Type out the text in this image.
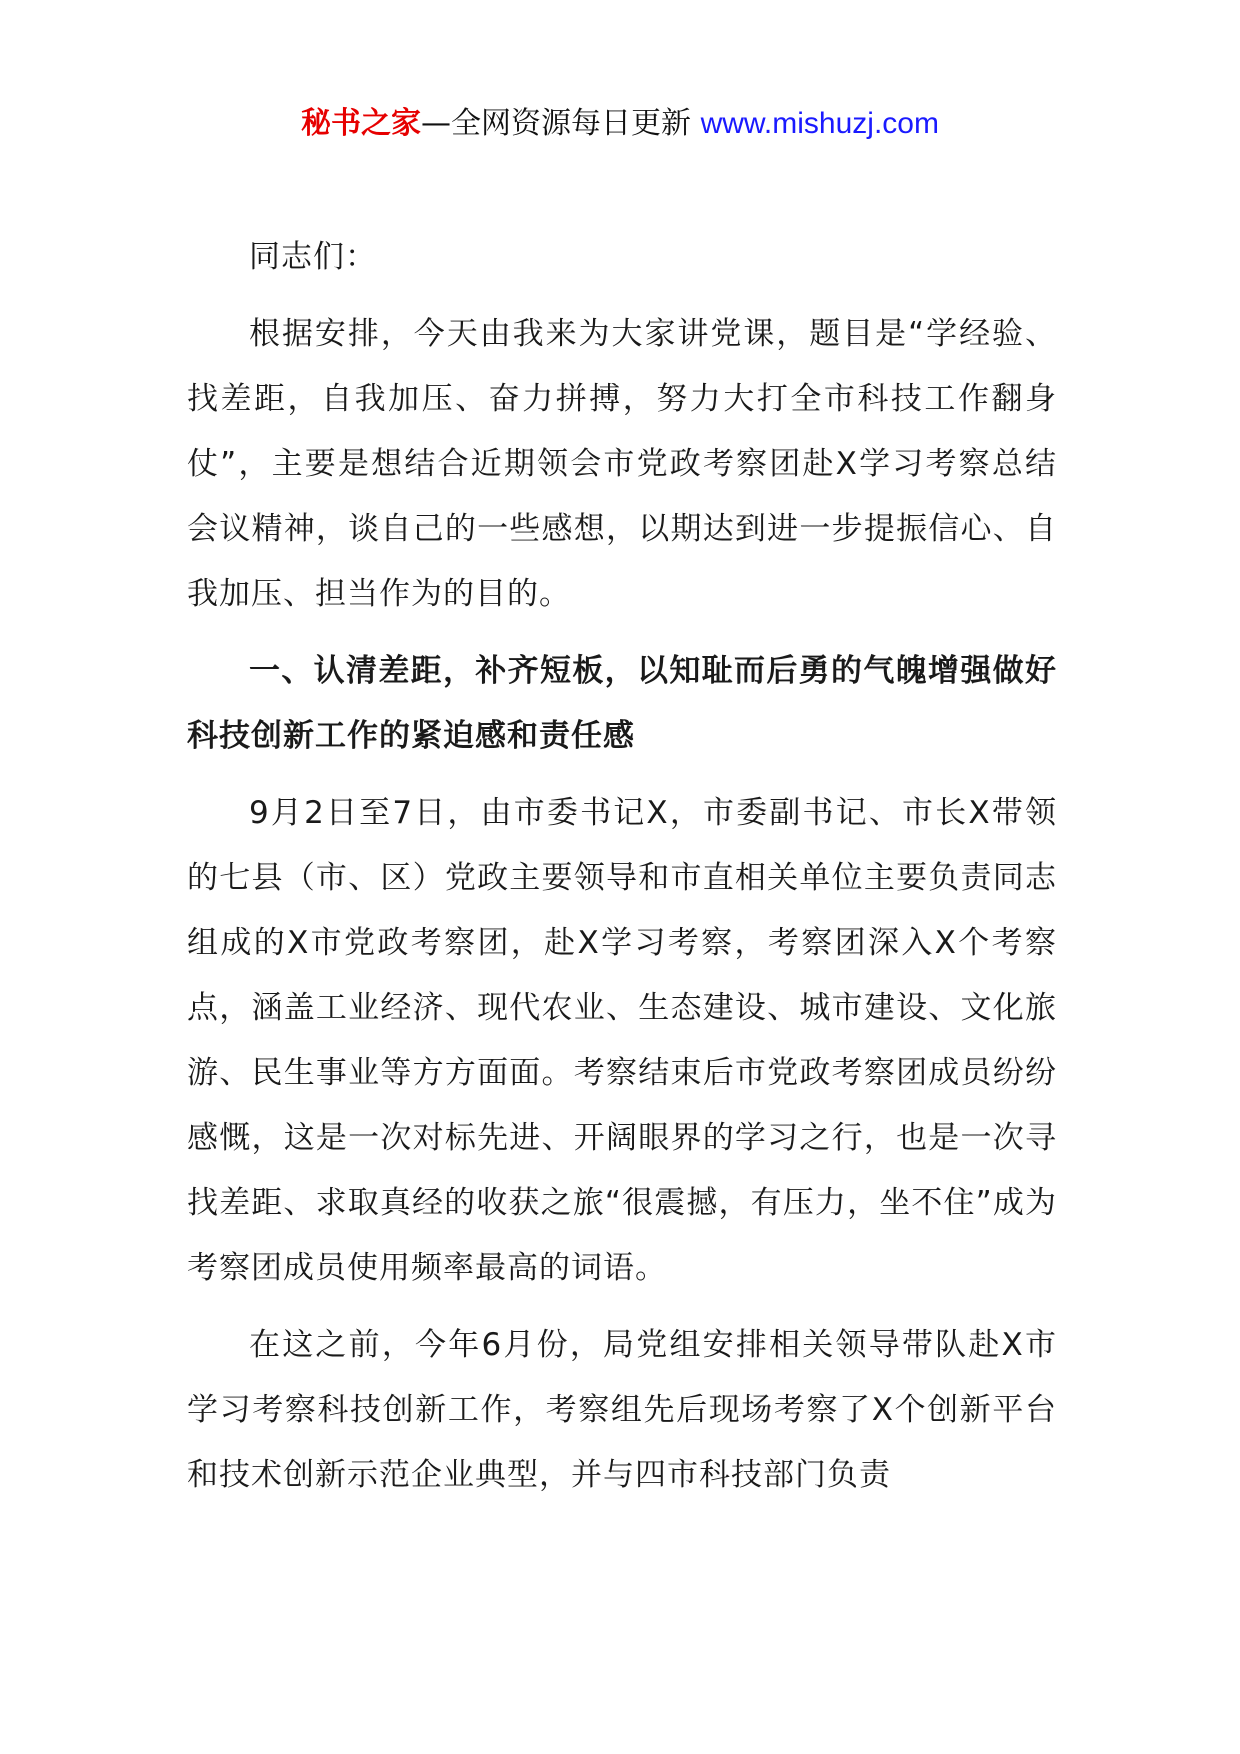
秘书之家—全网资源每日更新 www.mishuzj.com

同志们：

根据安排，今天由我来为大家讲党课，题目是“学经验、找差距，自我加压、奋力拼搏，努力大打全市科技工作翻身仗”，主要是想结合近期领会市党政考察团赴X学习考察总结会议精神，谈自己的一些感想，以期达到进一步提振信心、自我加压、担当作为的目的。

一、认清差距，补齐短板，以知耻而后勇的气魄增强做好科技创新工作的紧迫感和责任感

9月2日至7日，由市委书记X，市委副书记、市长X带领的七县（市、区）党政主要领导和市直相关单位主要负责同志组成的X市党政考察团，赴X学习考察，考察团深入X个考察点，涵盖工业经济、现代农业、生态建设、城市建设、文化旅游、民生事业等方方面面。考察结束后市党政考察团成员纷纷感慨，这是一次对标先进、开阔眼界的学习之行，也是一次寻找差距、求取真经的收获之旅“很震撼，有压力，坐不住”成为考察团成员使用频率最高的词语。

在这之前，今年6月份，局党组安排相关领导带队赴X市学习考察科技创新工作，考察组先后现场考察了X个创新平台和技术创新示范企业典型，并与四市科技部门负责
